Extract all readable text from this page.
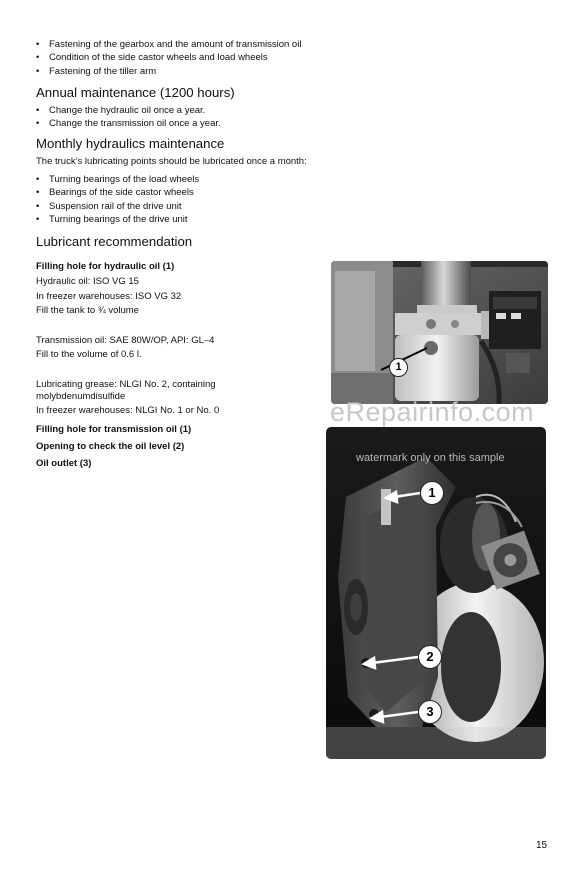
• Fastening of the gearbox and the amount of transmission oil
• Condition of the side castor wheels and load wheels
• Fastening of the tiller arm
Annual maintenance (1200 hours)
• Change the hydraulic oil once a year.
• Change the transmission oil once a year.
Monthly hydraulics maintenance

The truck’s lubricating points should be lubricated once a month:

• Turning bearings of the load wheels
• Bearings of the side castor wheels
• Suspension rail of the drive unit
• Turning bearings of the drive unit
Lubricant recommendation

Filling hole for hydraulic oil (1)

Hydraulic oil: ISO VG 15

In freezer warehouses: ISO VG 32

Fill the tank to ¾ volume

Transmission oil: SAE 80W/OP, API: GL–4

Fill to the volume of 0.6 l.

Lubricating grease: NLGI No. 2, containing molybdenumdisulfide

In freezer warehouses: NLGI No. 1 or No. 0

Filling hole for transmission oil (1)

Opening to check the oil level (2)

Oil outlet (3)

1
1
2
3
eRepairinfo.com
watermark only on this sample
15
